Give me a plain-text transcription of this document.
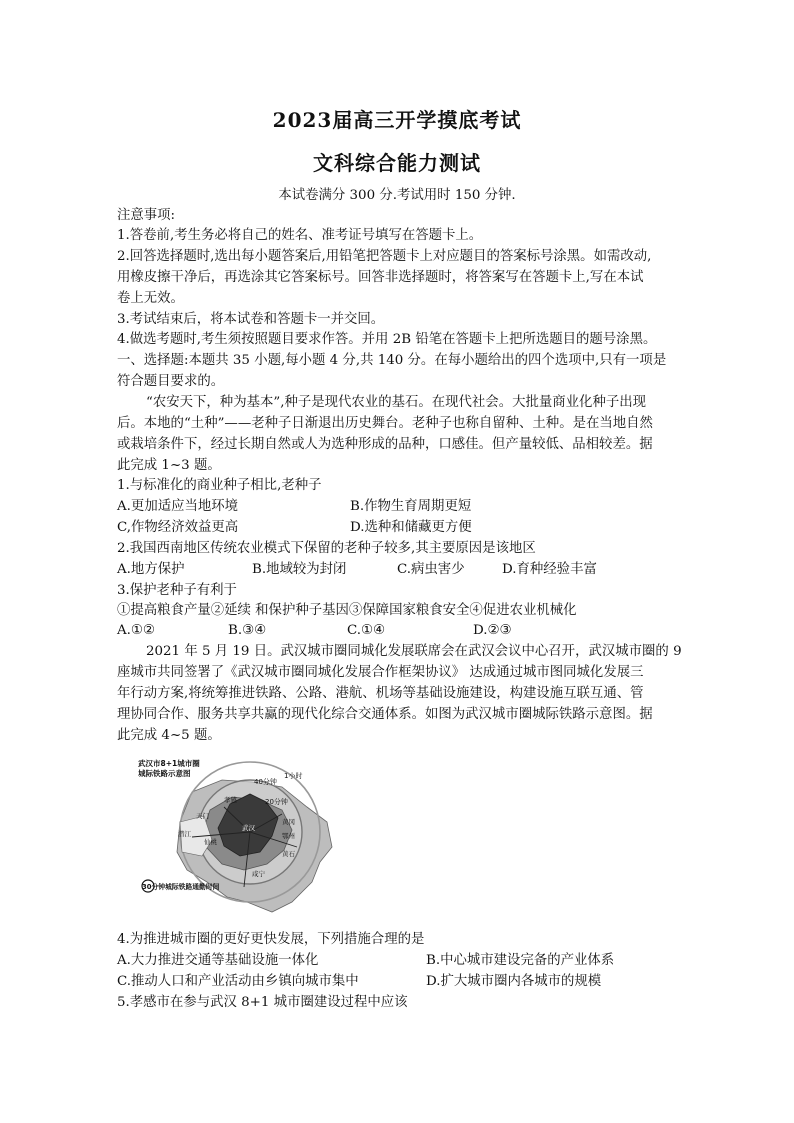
2023届高三开学摸底考试
文科综合能力测试
本试卷满分 300 分.考试用时 150 分钟.
注意事项:
1.答卷前,考生务必将自己的姓名、准考证号填写在答题卡上。
2.回答选择题时,选出每小题答案后,用铅笔把答题卡上对应题目的答案标号涂黑。如需改动,
用橡皮擦干净后，再选涂其它答案标号。回答非选择题时，将答案写在答题卡上,写在本试
卷上无效。
3.考试结束后，将本试卷和答题卡一并交回。
4.做选考题时,考生须按照题目要求作答。并用 2B 铅笔在答题卡上把所选题目的题号涂黑。
一、选择题:本题共 35 小题,每小题 4 分,共 140 分。在每小题给出的四个选项中,只有一项是
符合题目要求的。
“农安天下，种为基本”,种子是现代农业的基石。在现代社会。大批量商业化种子出现
后。本地的“土种”——老种子日渐退出历史舞台。老种子也称自留种、土种。是在当地自然
或栽培条件下，经过长期自然或人为选种形成的品种，口感佳。但产量较低、品相较差。据
此完成 1~3 题。
1.与标准化的商业种子相比,老种子
A.更加适应当地环境	B.作物生育周期更短
C,作物经济效益更高	D.选种和储藏更方便
2.我国西南地区传统农业模式下保留的老种子较多,其主要原因是该地区
A.地方保护	B.地域较为封闭	C.病虫害少	D.育种经验丰富
3.保护老种子有利于
①提高粮食产量②延续 和保护种子基因③保障国家粮食安全④促进农业机械化
A.①②	B.③④	C.①④	D.②③
2021 年 5 月 19 日。武汉城市圈同城化发展联席会在武汉会议中心召开，武汉城市圈的 9
座城市共同签署了《武汉城市圈同城化发展合作框架协议》 达成通过城市图同城化发展三
年行动方案,将统筹推进铁路、公路、港航、机场等基础设施建设，构建设施互联互通、管
理协同合作、服务共享共赢的现代化综合交通体系。如图为武汉城市圈城际铁路示意图。据
此完成 4~5 题。
武汉市8+1城市圈
城际铁路示意图	1小时
40分钟
20分钟
孝感
武汉
鄂州
黄冈
黄石
咸宁
天门
潜江
仙桃
30分钟城际铁路通勤时间
4.为推进城市圈的更好更快发展，下列措施合理的是
A.大力推进交通等基础设施一体化	B.中心城市建设完备的产业体系
C.推动人口和产业活动由乡镇向城市集中	D.扩大城市圈内各城市的规模
5.孝感市在参与武汉 8+1 城市圈建设过程中应该
